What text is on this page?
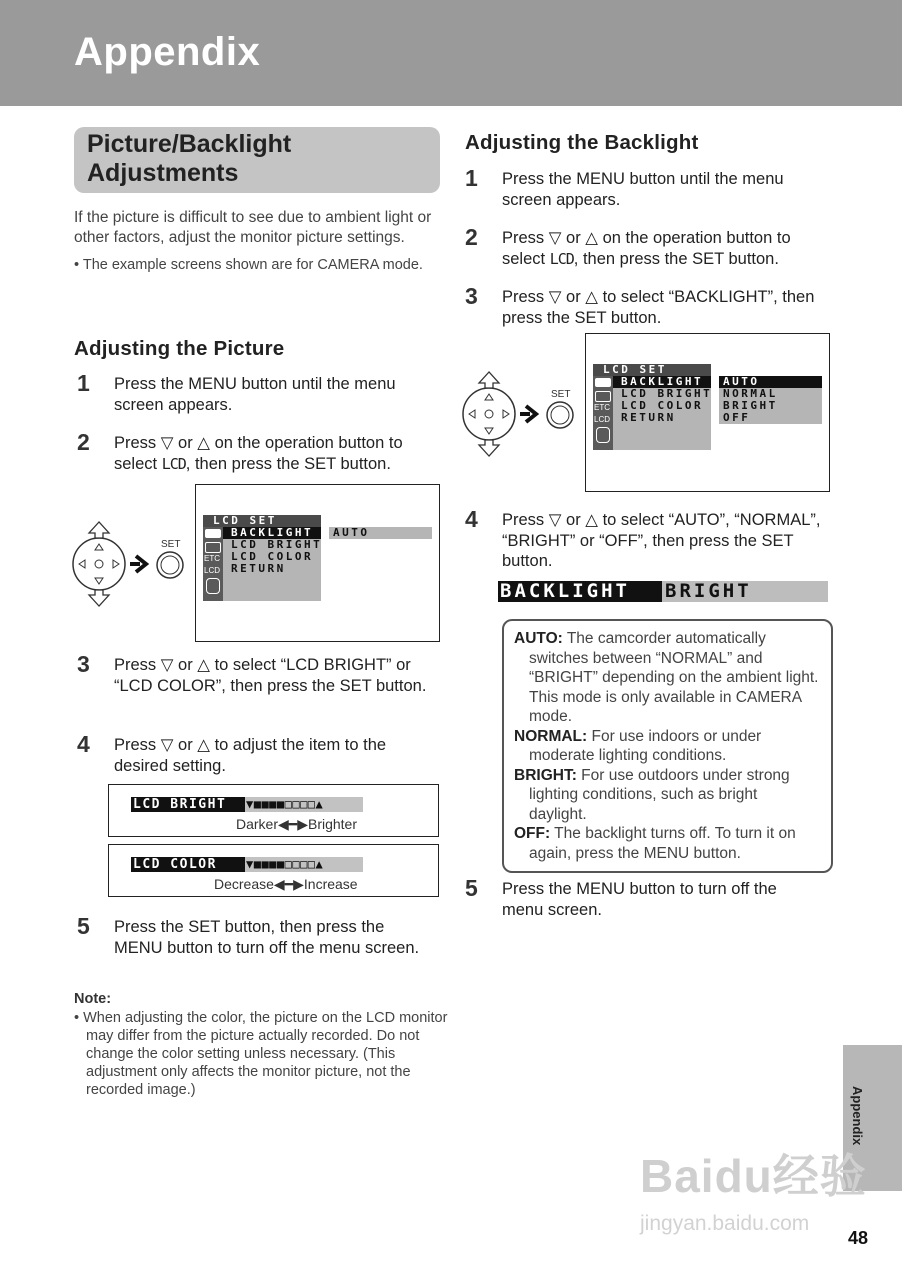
Appendix
Picture/Backlight
Adjustments
If the picture is difficult to see due to ambient light or other factors, adjust the monitor picture settings.
• The example screens shown are for CAMERA mode.
Adjusting the Picture
1 Press the MENU button until the menu screen appears.
2 Press ▽ or △ on the operation button to select LCD, then press the SET button.
SET
LCD SET
BACKLIGHT
LCD BRIGHT
LCD COLOR
RETURN
AUTO
ETC
LCD
3 Press ▽ or △ to select “LCD BRIGHT” or “LCD COLOR”, then press the SET button.
4 Press ▽ or △ to adjust the item to the desired setting.
LCD BRIGHT ▼■■■■□□□□▲
Darker◀━▶Brighter
LCD COLOR ▼■■■■□□□□▲
Decrease◀━▶Increase
5 Press the SET button, then press the MENU button to turn off the menu screen.
Note:
• When adjusting the color, the picture on the LCD monitor may differ from the picture actually recorded. Do not change the color setting unless necessary. (This adjustment only affects the monitor picture, not the recorded image.)
Adjusting the Backlight
1 Press the MENU button until the menu screen appears.
2 Press ▽ or △ on the operation button to select LCD, then press the SET button.
3 Press ▽ or △ to select “BACKLIGHT”, then press the SET button.
SET
LCD SET
BACKLIGHT
LCD BRIGHT
LCD COLOR
RETURN
AUTO
NORMAL
BRIGHT
OFF
ETC
LCD
4 Press ▽ or △ to select “AUTO”, “NORMAL”, “BRIGHT” or “OFF”, then press the SET button.
BACKLIGHT BRIGHT

AUTO: The camcorder automatically switches between “NORMAL” and “BRIGHT” depending on the ambient light. This mode is only available in CAMERA mode.

NORMAL: For use indoors or under moderate lighting conditions.

BRIGHT: For use outdoors under strong lighting conditions, such as bright daylight.

OFF: The backlight turns off. To turn it on again, press the MENU button.

5 Press the MENU button to turn off the menu screen.
Appendix
Baidu经验
jingyan.baidu.com
48
